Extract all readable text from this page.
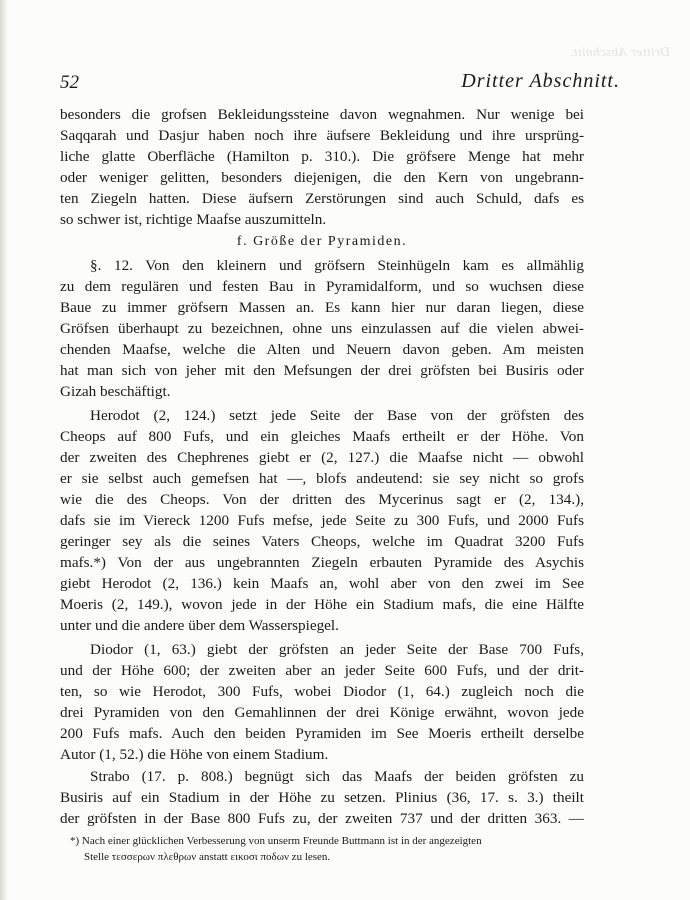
Dritter Abschnitt.
52	Dritter Abschnitt.
besonders die grofsen Bekleidungssteine davon wegnahmen. Nur wenige bei
Saqqarah und Dasjur haben noch ihre äufsere Bekleidung und ihre ursprüng-
liche glatte Oberfläche (Hamilton p. 310.). Die gröfsere Menge hat mehr
oder weniger gelitten, besonders diejenigen, die den Kern von ungebrann-
ten Ziegeln hatten. Diese äufsern Zerstörungen sind auch Schuld, dafs es
so schwer ist, richtige Maafse auszumitteln.
f. Größe der Pyramiden.
§. 12. Von den kleinern und gröfsern Steinhügeln kam es allmählig
zu dem regulären und festen Bau in Pyramidalform, und so wuchsen diese
Baue zu immer gröfsern Massen an. Es kann hier nur daran liegen, diese
Gröfsen überhaupt zu bezeichnen, ohne uns einzulassen auf die vielen abwei-
chenden Maafse, welche die Alten und Neuern davon geben. Am meisten
hat man sich von jeher mit den Mefsungen der drei gröfsten bei Busiris oder
Gizah beschäftigt.
Herodot (2, 124.) setzt jede Seite der Base von der gröfsten des
Cheops auf 800 Fufs, und ein gleiches Maafs ertheilt er der Höhe. Von
der zweiten des Chephrenes giebt er (2, 127.) die Maafse nicht — obwohl
er sie selbst auch gemefsen hat —, blofs andeutend: sie sey nicht so grofs
wie die des Cheops. Von der dritten des Mycerinus sagt er (2, 134.),
dafs sie im Viereck 1200 Fufs mefse, jede Seite zu 300 Fufs, und 2000 Fufs
geringer sey als die seines Vaters Cheops, welche im Quadrat 3200 Fufs
mafs.*) Von der aus ungebrannten Ziegeln erbauten Pyramide des Asychis
giebt Herodot (2, 136.) kein Maafs an, wohl aber von den zwei im See
Moeris (2, 149.), wovon jede in der Höhe ein Stadium mafs, die eine Hälfte
unter und die andere über dem Wasserspiegel.
Diodor (1, 63.) giebt der gröfsten an jeder Seite der Base 700 Fufs,
und der Höhe 600; der zweiten aber an jeder Seite 600 Fufs, und der drit-
ten, so wie Herodot, 300 Fufs, wobei Diodor (1, 64.) zugleich noch die
drei Pyramiden von den Gemahlinnen der drei Könige erwähnt, wovon jede
200 Fufs mafs. Auch den beiden Pyramiden im See Moeris ertheilt derselbe
Autor (1, 52.) die Höhe von einem Stadium.
Strabo (17. p. 808.) begnügt sich das Maafs der beiden gröfsten zu
Busiris auf ein Stadium in der Höhe zu setzen. Plinius (36, 17. s. 3.) theilt
der gröfsten in der Base 800 Fufs zu, der zweiten 737 und der dritten 363. —
*) Nach einer glücklichen Verbesserung von unserm Freunde Buttmann ist in der angezeigten
Stelle τεσσερων πλεθρων anstatt εικοσι ποδων zu lesen.
